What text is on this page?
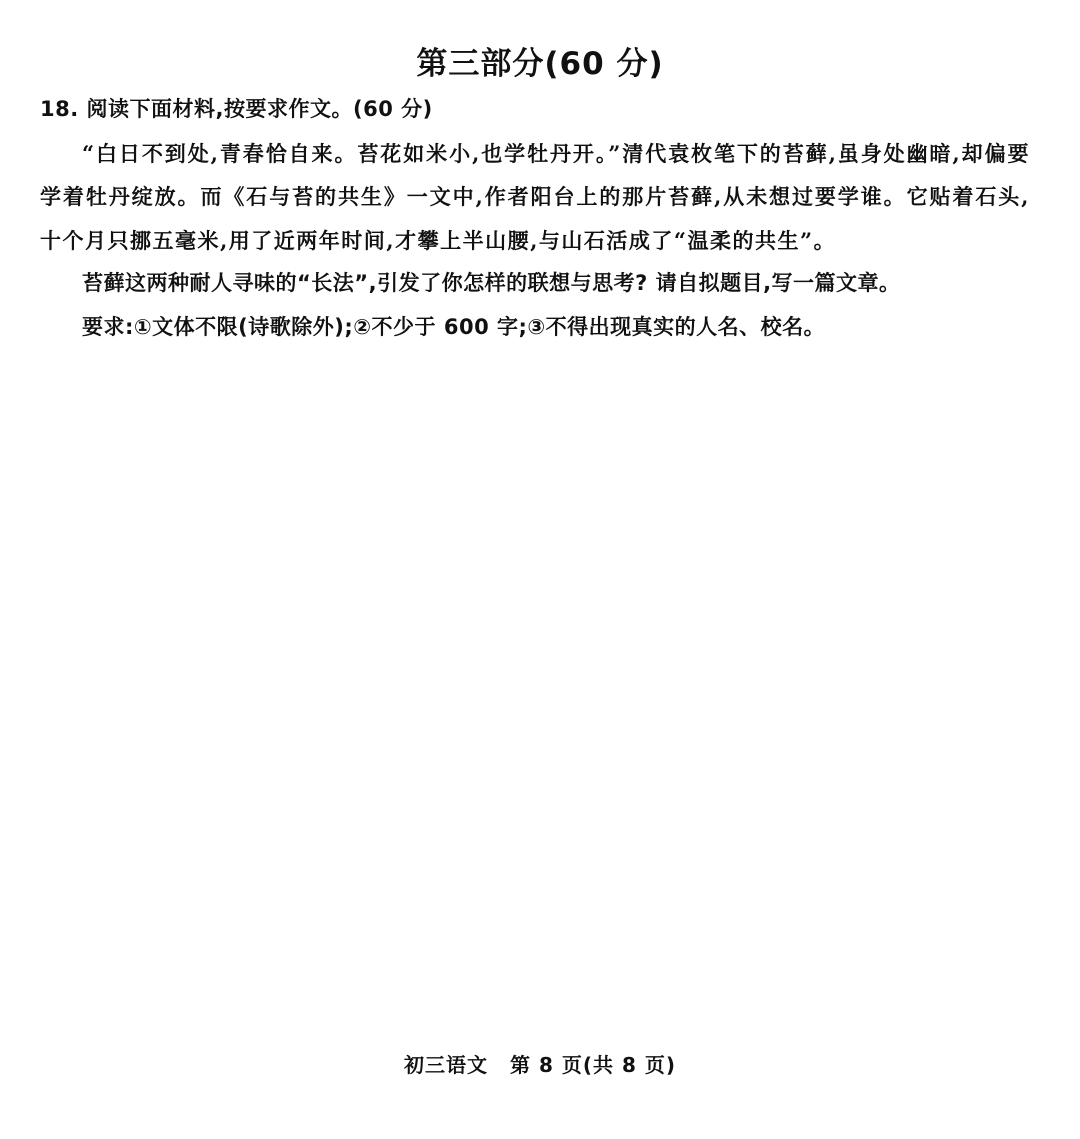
第三部分(60 分)

18. 阅读下面材料,按要求作文。(60 分)

“白日不到处,青春恰自来。苔花如米小,也学牡丹开。”清代袁枚笔下的苔藓,虽身处幽暗,却偏要学着牡丹绽放。而《石与苔的共生》一文中,作者阳台上的那片苔藓,从未想过要学谁。它贴着石头,十个月只挪五毫米,用了近两年时间,才攀上半山腰,与山石活成了“温柔的共生”。

苔藓这两种耐人寻味的“长法”,引发了你怎样的联想与思考? 请自拟题目,写一篇文章。

要求:①文体不限(诗歌除外);②不少于 600 字;③不得出现真实的人名、校名。

初三语文 第 8 页(共 8 页)
